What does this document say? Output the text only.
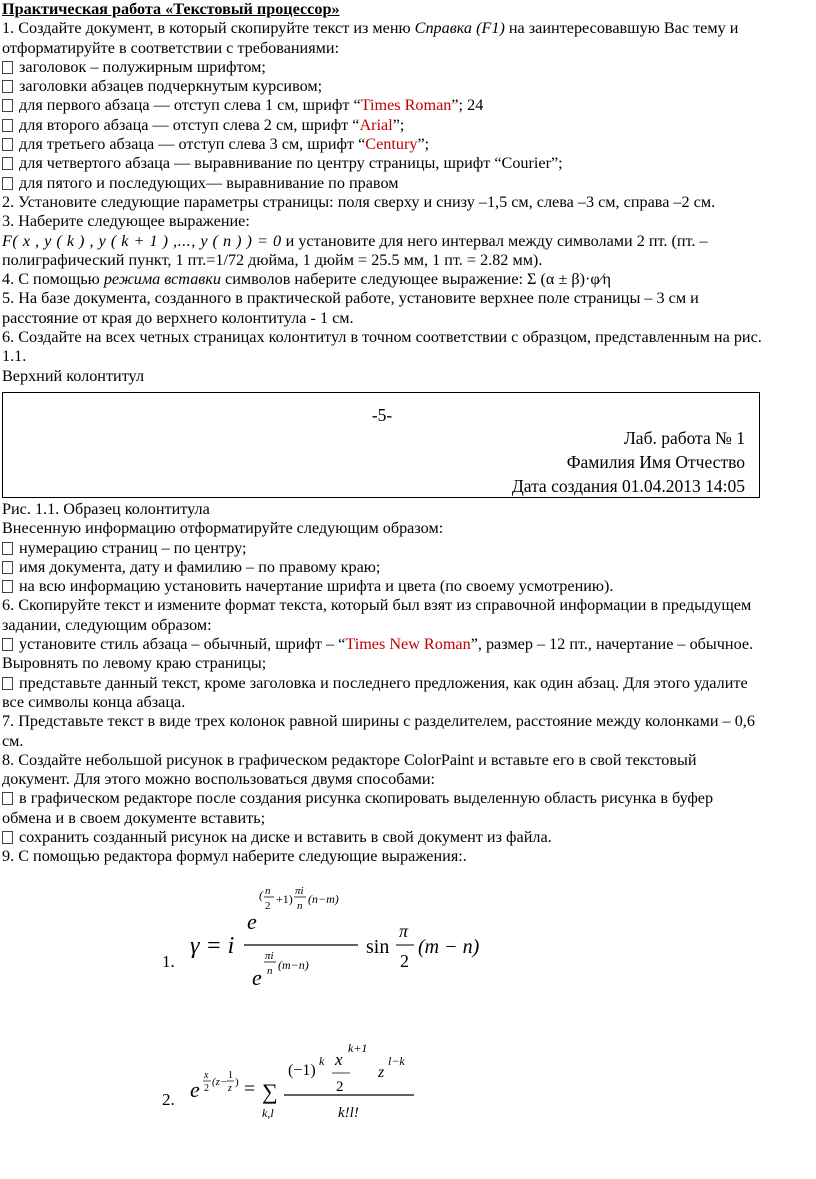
Практическая работа «Текстовый процессор»
1. Создайте документ, в который скопируйте текст из меню Справка (F1) на заинтересовавшую Вас тему и
отформатируйте в соответствии с требованиями:
заголовок – полужирным шрифтом;
заголовки абзацев подчеркнутым курсивом;
для первого абзаца — отступ слева 1 см, шрифт “Times Roman”; 24
для второго абзаца — отступ слева 2 см, шрифт “Arial”;
для третьего абзаца — отступ слева 3 см, шрифт “Century”;
для четвертого абзаца — выравнивание по центру страницы, шрифт “Courier”;
для пятого и последующих— выравнивание по правом
2. Установите следующие параметры страницы: поля сверху и снизу –1,5 см, слева –3 см, справа –2 см.
3. Наберите следующее выражение:
F( x , y ( k ) , y ( k + 1 ) ,..., y ( n ) ) = 0 и установите для него интервал между символами 2 пт. (пт. –
полиграфический пункт, 1 пт.=1/72 дюйма, 1 дюйм = 25.5 мм, 1 пт. = 2.82 мм).
4. С помощью режима вставки символов наберите следующее выражение: Σ (α ± β)·φ⁄η
5. На базе документа, созданного в практической работе, установите верхнее поле страницы – 3 см и
расстояние от края до верхнего колонтитула - 1 см.
6. Создайте на всех четных страницах колонтитул в точном соответствии с образцом, представленным на рис.
1.1.
Верхний колонтитул
-5-
Лаб. работа № 1
Фамилия Имя Отчество
Дата создания 01.04.2013 14:05
Рис. 1.1. Образец колонтитула
Внесенную информацию отформатируйте следующим образом:
нумерацию страниц – по центру;
имя документа, дату и фамилию – по правому краю;
на всю информацию установить начертание шрифта и цвета (по своему усмотрению).
6. Скопируйте текст и измените формат текста, который был взят из справочной информации в предыдущем
задании, следующим образом:
установите стиль абзаца – обычный, шрифт – “Times New Roman”, размер – 12 пт., начертание – обычное.
Выровнять по левому краю страницы;
представьте данный текст, кроме заголовка и последнего предложения, как один абзац. Для этого удалите
все символы конца абзаца.
7. Представьте текст в виде трех колонок равной ширины с разделителем, расстояние между колонками – 0,6
см.
8. Создайте небольшой рисунок в графическом редакторе ColorPaint и вставьте его в свой текстовый
документ. Для этого можно воспользоваться двумя способами:
в графическом редакторе после создания рисунка скопировать выделенную область рисунка в буфер
обмена и в своем документе вставить;
сохранить созданный рисунок на диске и вставить в свой документ из файла.
9. С помощью редактора формул наберите следующие выражения:.
1.
γ = i
e
( n
2 +1)
πi
n (n−m)
e
πi
n (m−n)
sin
π
2
(m − n)
2. e
x
2
(z−
1
z
) = ∑
k,l
(−1)
k x
2
k+1
z
l−k
k!l!
